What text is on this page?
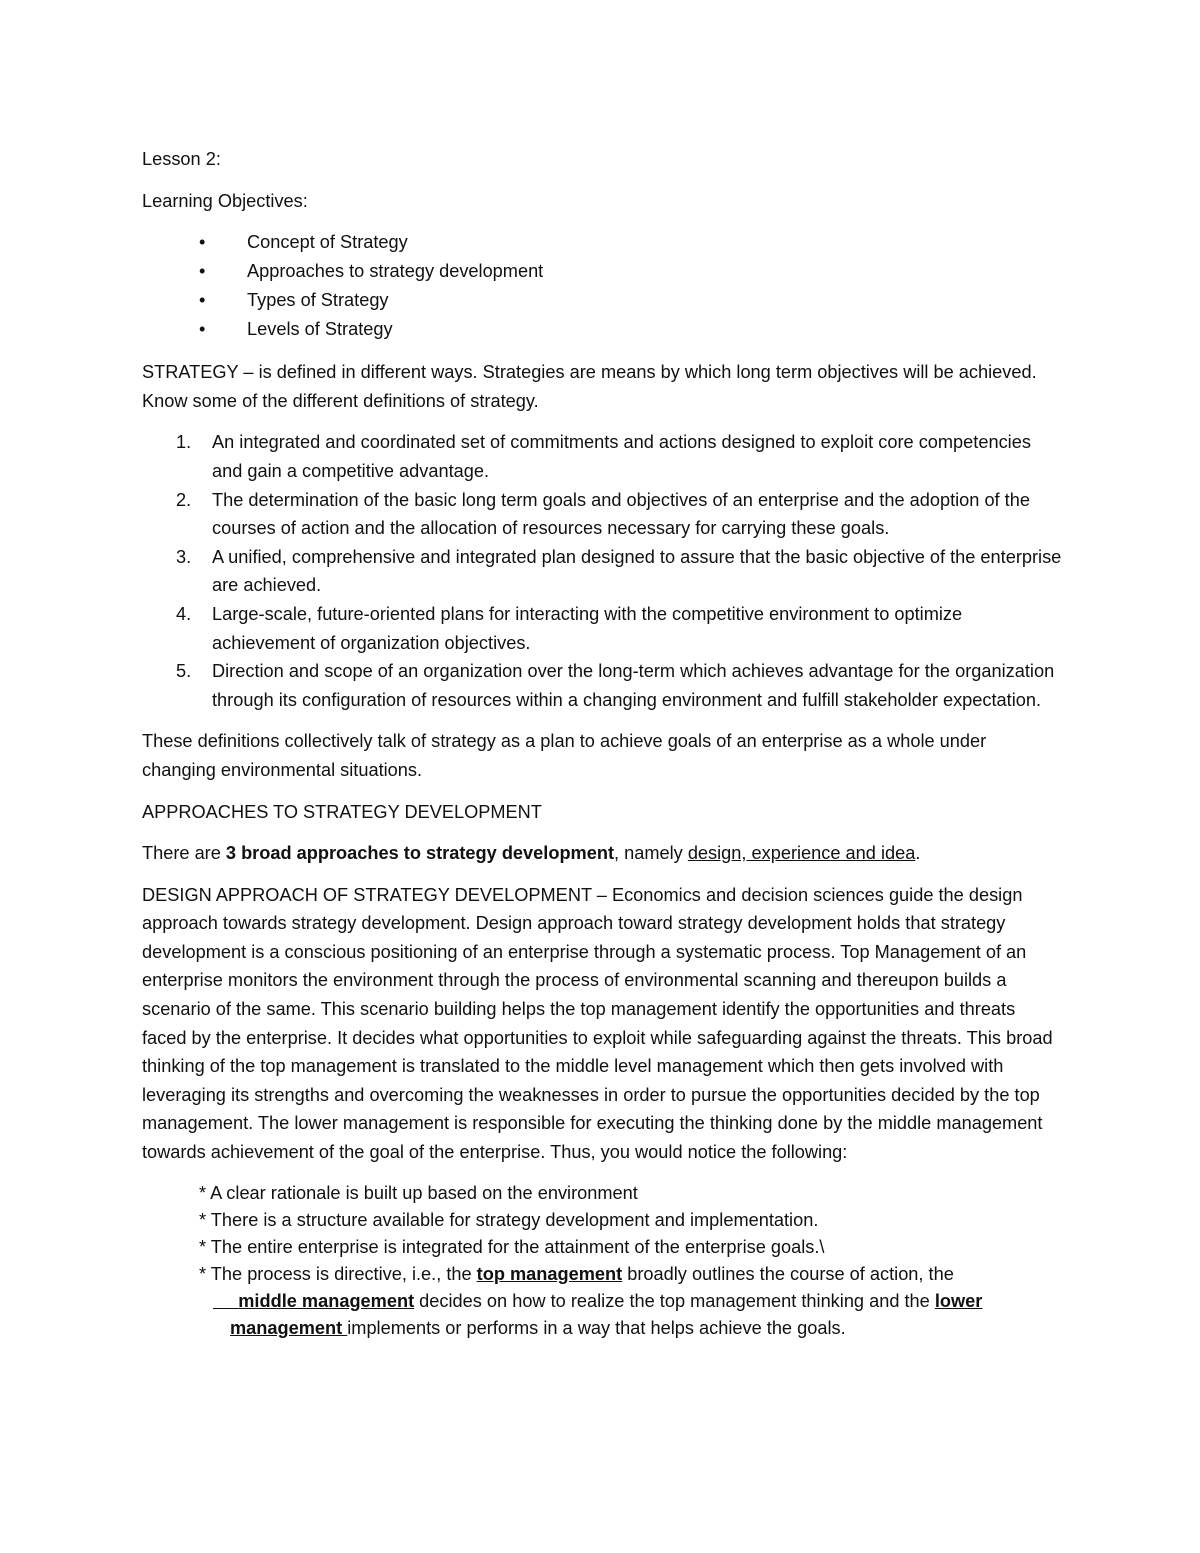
Lesson 2:

Learning Objectives:

• Concept of Strategy
• Approaches to strategy development
• Types of Strategy
• Levels of Strategy

STRATEGY – is defined in different ways. Strategies are means by which long term objectives will be achieved. Know some of the different definitions of strategy.

1. An integrated and coordinated set of commitments and actions designed to exploit core competencies and gain a competitive advantage.
2. The determination of the basic long term goals and objectives of an enterprise and the adoption of the courses of action and the allocation of resources necessary for carrying these goals.
3. A unified, comprehensive and integrated plan designed to assure that the basic objective of the enterprise are achieved.
4. Large-scale, future-oriented plans for interacting with the competitive environment to optimize achievement of organization objectives.
5. Direction and scope of an organization over the long-term which achieves advantage for the organization through its configuration of resources within a changing environment and fulfill stakeholder expectation.

These definitions collectively talk of strategy as a plan to achieve goals of an enterprise as a whole under changing environmental situations.

APPROACHES TO STRATEGY DEVELOPMENT

There are 3 broad approaches to strategy development, namely design, experience and idea.

DESIGN APPROACH OF STRATEGY DEVELOPMENT – Economics and decision sciences guide the design approach towards strategy development. Design approach toward strategy development holds that strategy development is a conscious positioning of an enterprise through a systematic process. Top Management of an enterprise monitors the environment through the process of environmental scanning and thereupon builds a scenario of the same. This scenario building helps the top management identify the opportunities and threats faced by the enterprise. It decides what opportunities to exploit while safeguarding against the threats. This broad thinking of the top management is translated to the middle level management which then gets involved with leveraging its strengths and overcoming the weaknesses in order to pursue the opportunities decided by the top management. The lower management is responsible for executing the thinking done by the middle management towards achievement of the goal of the enterprise. Thus, you would notice the following:

* A clear rationale is built up based on the environment
* There is a structure available for strategy development and implementation.
* The entire enterprise is integrated for the attainment of the enterprise goals.\
* The process is directive, i.e., the top management broadly outlines the course of action, the
middle management decides on how to realize the top management thinking and the lower
management implements or performs in a way that helps achieve the goals.
